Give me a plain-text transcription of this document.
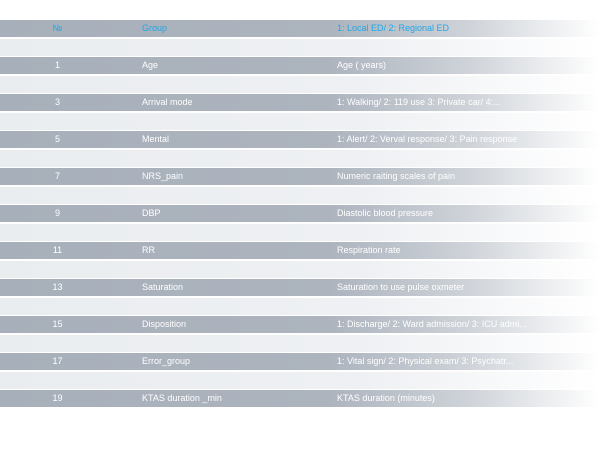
№	Group	1: Local ED/ 2: Regional ED
1	Age	Age ( years)
3	Arrival mode	1: Walking/ 2: 119 use 3: Private car/ 4:...
5	Mental	1: Alert/ 2: Verval response/ 3: Pain response
7	NRS_pain	Numeric raiting scales of pain
9	DBP	Diastolic blood pressure
11	RR	Respiration rate
13	Saturation	Saturation to use pulse oxmeter
15	Disposition	1: Discharge/ 2: Ward admission/ 3: ICU admi...
17	Error_group	1: Vital sign/ 2: Physical exam/ 3: Psychatr...
19	KTAS duration _min	KTAS duration (minutes)
